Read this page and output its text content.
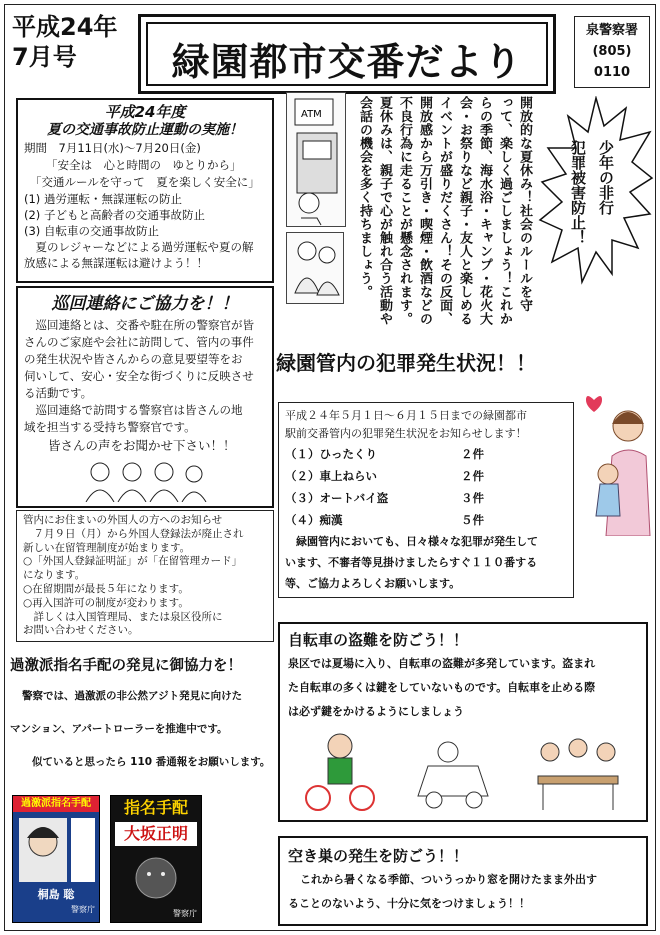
平成24年
7月号	緑園都市交番だより
泉警察署
(805)
0110
平成24年度
夏の交通事故防止運動の実施！
期間　7月11日(水)～7月20日(金)
「安全は　心と時間の　ゆとりから」
「交通ルールを守って　夏を楽しく安全に」
(1) 過労運転・無謀運転の防止
(2) 子どもと高齢者の交通事故防止
(3) 自転車の交通事故防止
　夏のレジャーなどによる過労運転や夏の解
放感による無謀運転は避けよう！！
ATM	開放的な夏休み！社会のルールを守
って、楽しく過ごしましょう！これか
らの季節、海水浴・キャンプ・花火大
会・お祭りなど親子・友人と楽しめる
イベントが盛りだくさん！その反面、
開放感から万引き・喫煙・飲酒などの
不良行為に走ることが懸念されます。
夏休みは、親子で心が触れ合う活動や
会話の機会を多く持ちましょう。	少年の非行
犯罪被害防止！
巡回連絡にご協力を！！
　巡回連絡とは、交番や駐在所の警察官が皆
さんのご家庭や会社に訪問して、管内の事件
の発生状況や皆さんからの意見要望等をお
伺いして、安心・安全な街づくりに反映させ
る活動です。
　巡回連絡で訪問する警察官は皆さんの地
域を担当する受持ち警察官です。
皆さんの声をお聞かせ下さい！！
緑園管内の犯罪発生状況！！
平成２４年５月１日～６月１５日までの緑園都市
駅前交番管内の犯罪発生状況をお知らせします！
（１）ひったくり	２件
（２）車上ねらい	２件
（３）オートバイ盗	３件
（４）痴漢	５件
　緑園管内においても、日々様々な犯罪が発生して
います、不審者等見掛けましたらすぐ１１０番する
等、ご協力よろしくお願いします。
管内にお住まいの外国人の方へのお知らせ
　７月９日（月）から外国人登録法が廃止され
新しい在留管理制度が始まります。
○「外国人登録証明証」が「在留管理カード」
になります。
○在留期間が最長５年になります。
○再入国許可の制度が変わります。
　詳しくは入国管理局、または泉区役所に
お問い合わせください。
自転車の盗難を防ごう！！
泉区では夏場に入り、自転車の盗難が多発しています。盗まれ
た自転車の多くは鍵をしていないものです。自転車を止める際
は必ず鍵をかけるようにしましょう
過激派指名手配の発見に御協力を！
警察では、過激派の非公然アジト発見に向けた
マンション、アパートローラーを推進中です。
似ていると思ったら 110 番通報をお願いします。
過激派指名手配
桐島 聡
警察庁
指名手配
大坂正明
警察庁
空き巣の発生を防ごう！！
これから暑くなる季節、ついうっかり窓を開けたまま外出す
ることのないよう、十分に気をつけましょう！！
